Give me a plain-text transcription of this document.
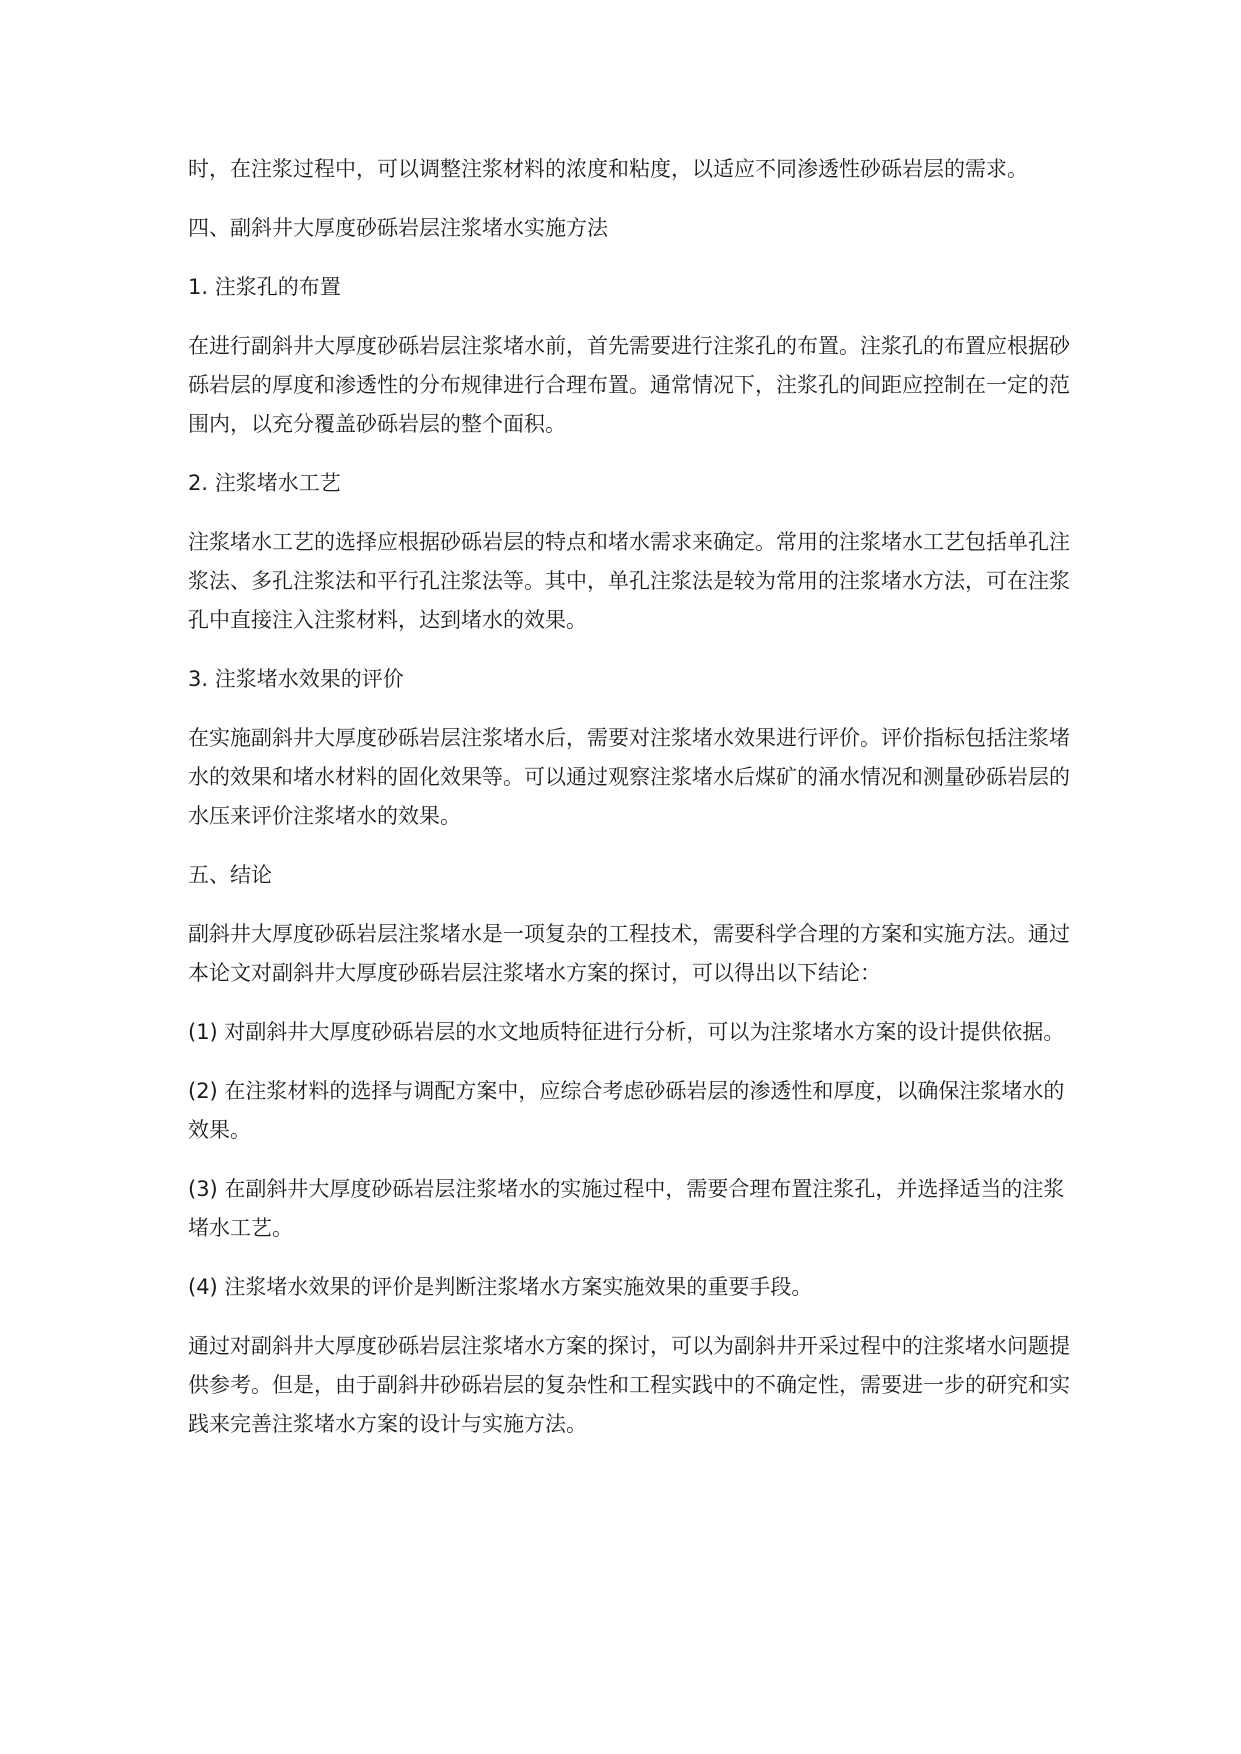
时，在注浆过程中，可以调整注浆材料的浓度和粘度，以适应不同渗透性砂砾岩层的需求。

四、副斜井大厚度砂砾岩层注浆堵水实施方法

1. 注浆孔的布置

在进行副斜井大厚度砂砾岩层注浆堵水前，首先需要进行注浆孔的布置。注浆孔的布置应根据砂砾岩层的厚度和渗透性的分布规律进行合理布置。通常情况下，注浆孔的间距应控制在一定的范围内，以充分覆盖砂砾岩层的整个面积。

2. 注浆堵水工艺

注浆堵水工艺的选择应根据砂砾岩层的特点和堵水需求来确定。常用的注浆堵水工艺包括单孔注浆法、多孔注浆法和平行孔注浆法等。其中，单孔注浆法是较为常用的注浆堵水方法，可在注浆孔中直接注入注浆材料，达到堵水的效果。

3. 注浆堵水效果的评价

在实施副斜井大厚度砂砾岩层注浆堵水后，需要对注浆堵水效果进行评价。评价指标包括注浆堵水的效果和堵水材料的固化效果等。可以通过观察注浆堵水后煤矿的涌水情况和测量砂砾岩层的水压来评价注浆堵水的效果。

五、结论

副斜井大厚度砂砾岩层注浆堵水是一项复杂的工程技术，需要科学合理的方案和实施方法。通过本论文对副斜井大厚度砂砾岩层注浆堵水方案的探讨，可以得出以下结论：

(1) 对副斜井大厚度砂砾岩层的水文地质特征进行分析，可以为注浆堵水方案的设计提供依据。

(2) 在注浆材料的选择与调配方案中，应综合考虑砂砾岩层的渗透性和厚度，以确保注浆堵水的效果。

(3) 在副斜井大厚度砂砾岩层注浆堵水的实施过程中，需要合理布置注浆孔，并选择适当的注浆堵水工艺。

(4) 注浆堵水效果的评价是判断注浆堵水方案实施效果的重要手段。

通过对副斜井大厚度砂砾岩层注浆堵水方案的探讨，可以为副斜井开采过程中的注浆堵水问题提供参考。但是，由于副斜井砂砾岩层的复杂性和工程实践中的不确定性，需要进一步的研究和实践来完善注浆堵水方案的设计与实施方法。
